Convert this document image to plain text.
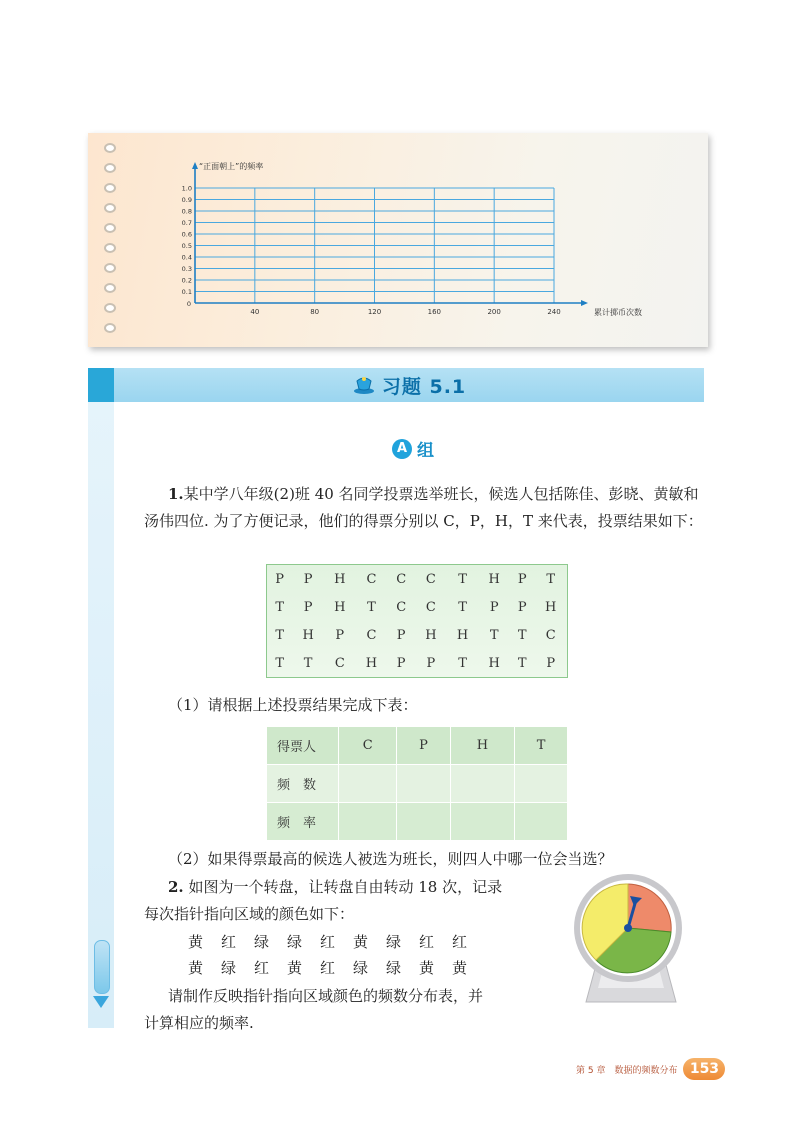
0.1
0.2
0.3
0.4
0.5
0.6
0.7
0.8
0.9
1.0
40	80	120	160	200	240
0
“正面朝上”的频率
累计掷币次数
习题 5.1
A 组
1.某中学八年级(2)班 40 名同学投票选举班长，候选人包括陈佳、彭晓、黄敏和汤伟四位. 为了方便记录，他们的得票分别以 C，P，H，T 来代表，投票结果如下：
P	P	H	C	C	C	T	H	P	T
T	P	H	T	C	C	T	P	P	H
T	H	P	C	P	H	H	T	T	C
T	T	C	H	P	P	T	H	T	P
（1）请根据上述投票结果完成下表：
得票人	C	P	H	T
频　数				
频　率				
（2）如果得票最高的候选人被选为班长，则四人中哪一位会当选？
2. 如图为一个转盘，让转盘自由转动 18 次，记录
每次指针指向区域的颜色如下：
黄 红 绿 绿 红 黄 绿 红 红
黄 绿 红 黄 红 绿 绿 黄 黄
请制作反映指针指向区域颜色的频数分布表，并
计算相应的频率.
第 5 章　数据的频数分布 153
